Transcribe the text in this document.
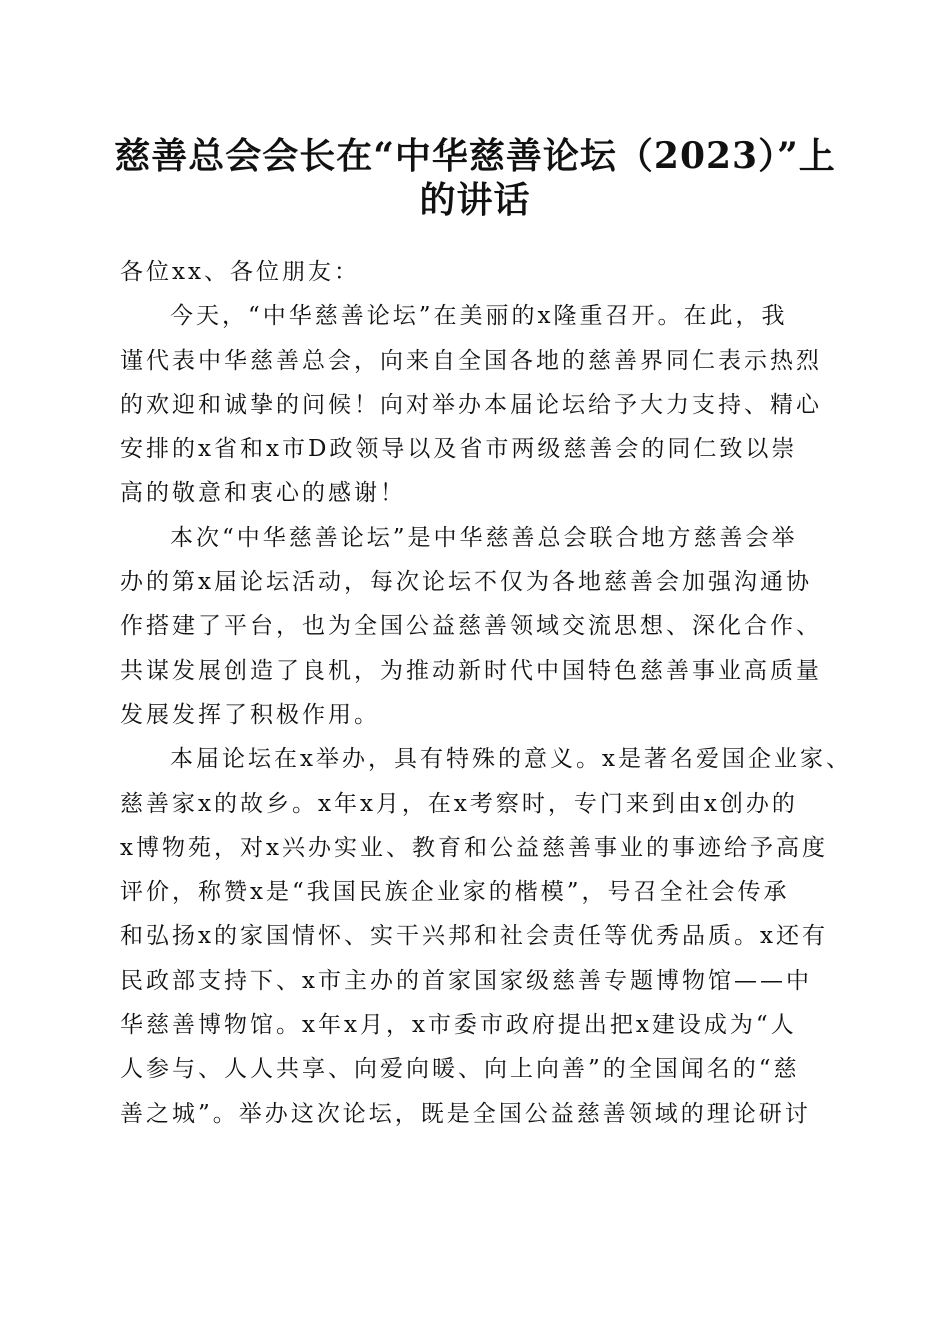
慈善总会会长在“中华慈善论坛（2023）”上
的讲话
各位xx、各位朋友：
今天，“中华慈善论坛”在美丽的x隆重召开。在此，我
谨代表中华慈善总会，向来自全国各地的慈善界同仁表示热烈
的欢迎和诚挚的问候！向对举办本届论坛给予大力支持、精心
安排的x省和x市D政领导以及省市两级慈善会的同仁致以崇
高的敬意和衷心的感谢！
本次“中华慈善论坛”是中华慈善总会联合地方慈善会举
办的第x届论坛活动，每次论坛不仅为各地慈善会加强沟通协
作搭建了平台，也为全国公益慈善领域交流思想、深化合作、
共谋发展创造了良机，为推动新时代中国特色慈善事业高质量
发展发挥了积极作用。
本届论坛在x举办，具有特殊的意义。x是著名爱国企业家、
慈善家x的故乡。x年x月，在x考察时，专门来到由x创办的
x博物苑，对x兴办实业、教育和公益慈善事业的事迹给予高度
评价，称赞x是“我国民族企业家的楷模”，号召全社会传承
和弘扬x的家国情怀、实干兴邦和社会责任等优秀品质。x还有
民政部支持下、x市主办的首家国家级慈善专题博物馆——中
华慈善博物馆。x年x月，x市委市政府提出把x建设成为“人
人参与、人人共享、向爱向暖、向上向善”的全国闻名的“慈
善之城”。举办这次论坛，既是全国公益慈善领域的理论研讨
